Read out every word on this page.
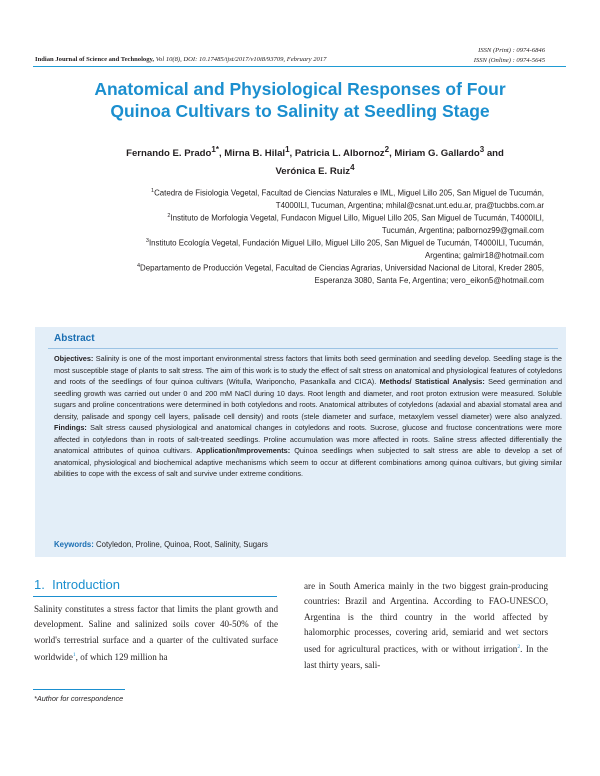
Indian Journal of Science and Technology, Vol 10(8), DOI: 10.17485/ijst/2017/v10i8/93709, February 2017
ISSN (Print) : 0974-6846
ISSN (Online) : 0974-5645
Anatomical and Physiological Responses of Four
Quinoa Cultivars to Salinity at Seedling Stage
Fernando E. Prado$^{1*}$, Mirna B. Hilal$^1$, Patricia L. Albornoz$^2$, Miriam G. Gallardo$^3$ and
Verónica E. Ruiz$^4$
$^1$Catedra de Fisiologia Vegetal, Facultad de Ciencias Naturales e IML, Miguel Lillo 205, San Miguel de Tucumán,
T4000ILI, Tucuman, Argentina; mhilal@csnat.unt.edu.ar, pra@tucbbs.com.ar
$^2$Instituto de Morfologia Vegetal, Fundacon Miguel Lillo, Miguel Lillo 205, San Miguel de Tucumán, T4000ILI,
Tucumán, Argentina; palbornoz99@gmail.com
$^3$Instituto Ecología Vegetal, Fundación Miguel Lillo, Miguel Lillo 205, San Miguel de Tucumán, T4000ILI, Tucumán,
Argentina; galmir18@hotmail.com
$^4$Departamento de Producción Vegetal, Facultad de Ciencias Agrarias, Universidad Nacional de Litoral, Kreder 2805,
Esperanza 3080, Santa Fe, Argentina; vero_eikon5@hotmail.com
Abstract
Objectives: Salinity is one of the most important environmental stress factors that limits both seed germination and seedling develop. Seedling stage is the most susceptible stage of plants to salt stress. The aim of this work is to study the effect of salt stress on anatomical and physiological features of cotyledons and roots of the seedlings of four quinoa cultivars (Witulla, Wariponcho, Pasankalla and CICA). Methods/ Statistical Analysis: Seed germination and seedling growth was carried out under 0 and 200 mM NaCl during 10 days. Root length and diameter, and root proton extrusion were measured. Soluble sugars and proline concentrations were determined in both cotyledons and roots. Anatomical attributes of cotyledons (adaxial and abaxial stomatal area and density, palisade and spongy cell layers, palisade cell density) and roots (stele diameter and surface, metaxylem vessel diameter) were also analyzed. Findings: Salt stress caused physiological and anatomical changes in cotyledons and roots. Sucrose, glucose and fructose concentrations were more affected in cotyledons than in roots of salt-treated seedlings. Proline accumulation was more affected in roots. Saline stress affected differentially the anatomical attributes of quinoa cultivars. Application/Improvements: Quinoa seedlings when subjected to salt stress are able to develop a set of anatomical, physiological and biochemical adaptive mechanisms which seem to occur at different combinations among quinoa cultivars, but giving similar abilities to cope with the excess of salt and survive under extreme conditions.
Keywords: Cotyledon, Proline, Quinoa, Root, Salinity, Sugars
1. Introduction
Salinity constitutes a stress factor that limits the plant growth and development. Saline and salinized soils cover 40-50% of the world's terrestrial surface and a quarter of the cultivated surface worldwide$^1$, of which 129 million ha
are in South America mainly in the two biggest grain-producing countries: Brazil and Argentina. According to FAO-UNESCO, Argentina is the third country in the world affected by halomorphic processes, covering arid, semiarid and wet sectors used for agricultural practices, with or without irrigation$^2$. In the last thirty years, sali-
*Author for correspondence
